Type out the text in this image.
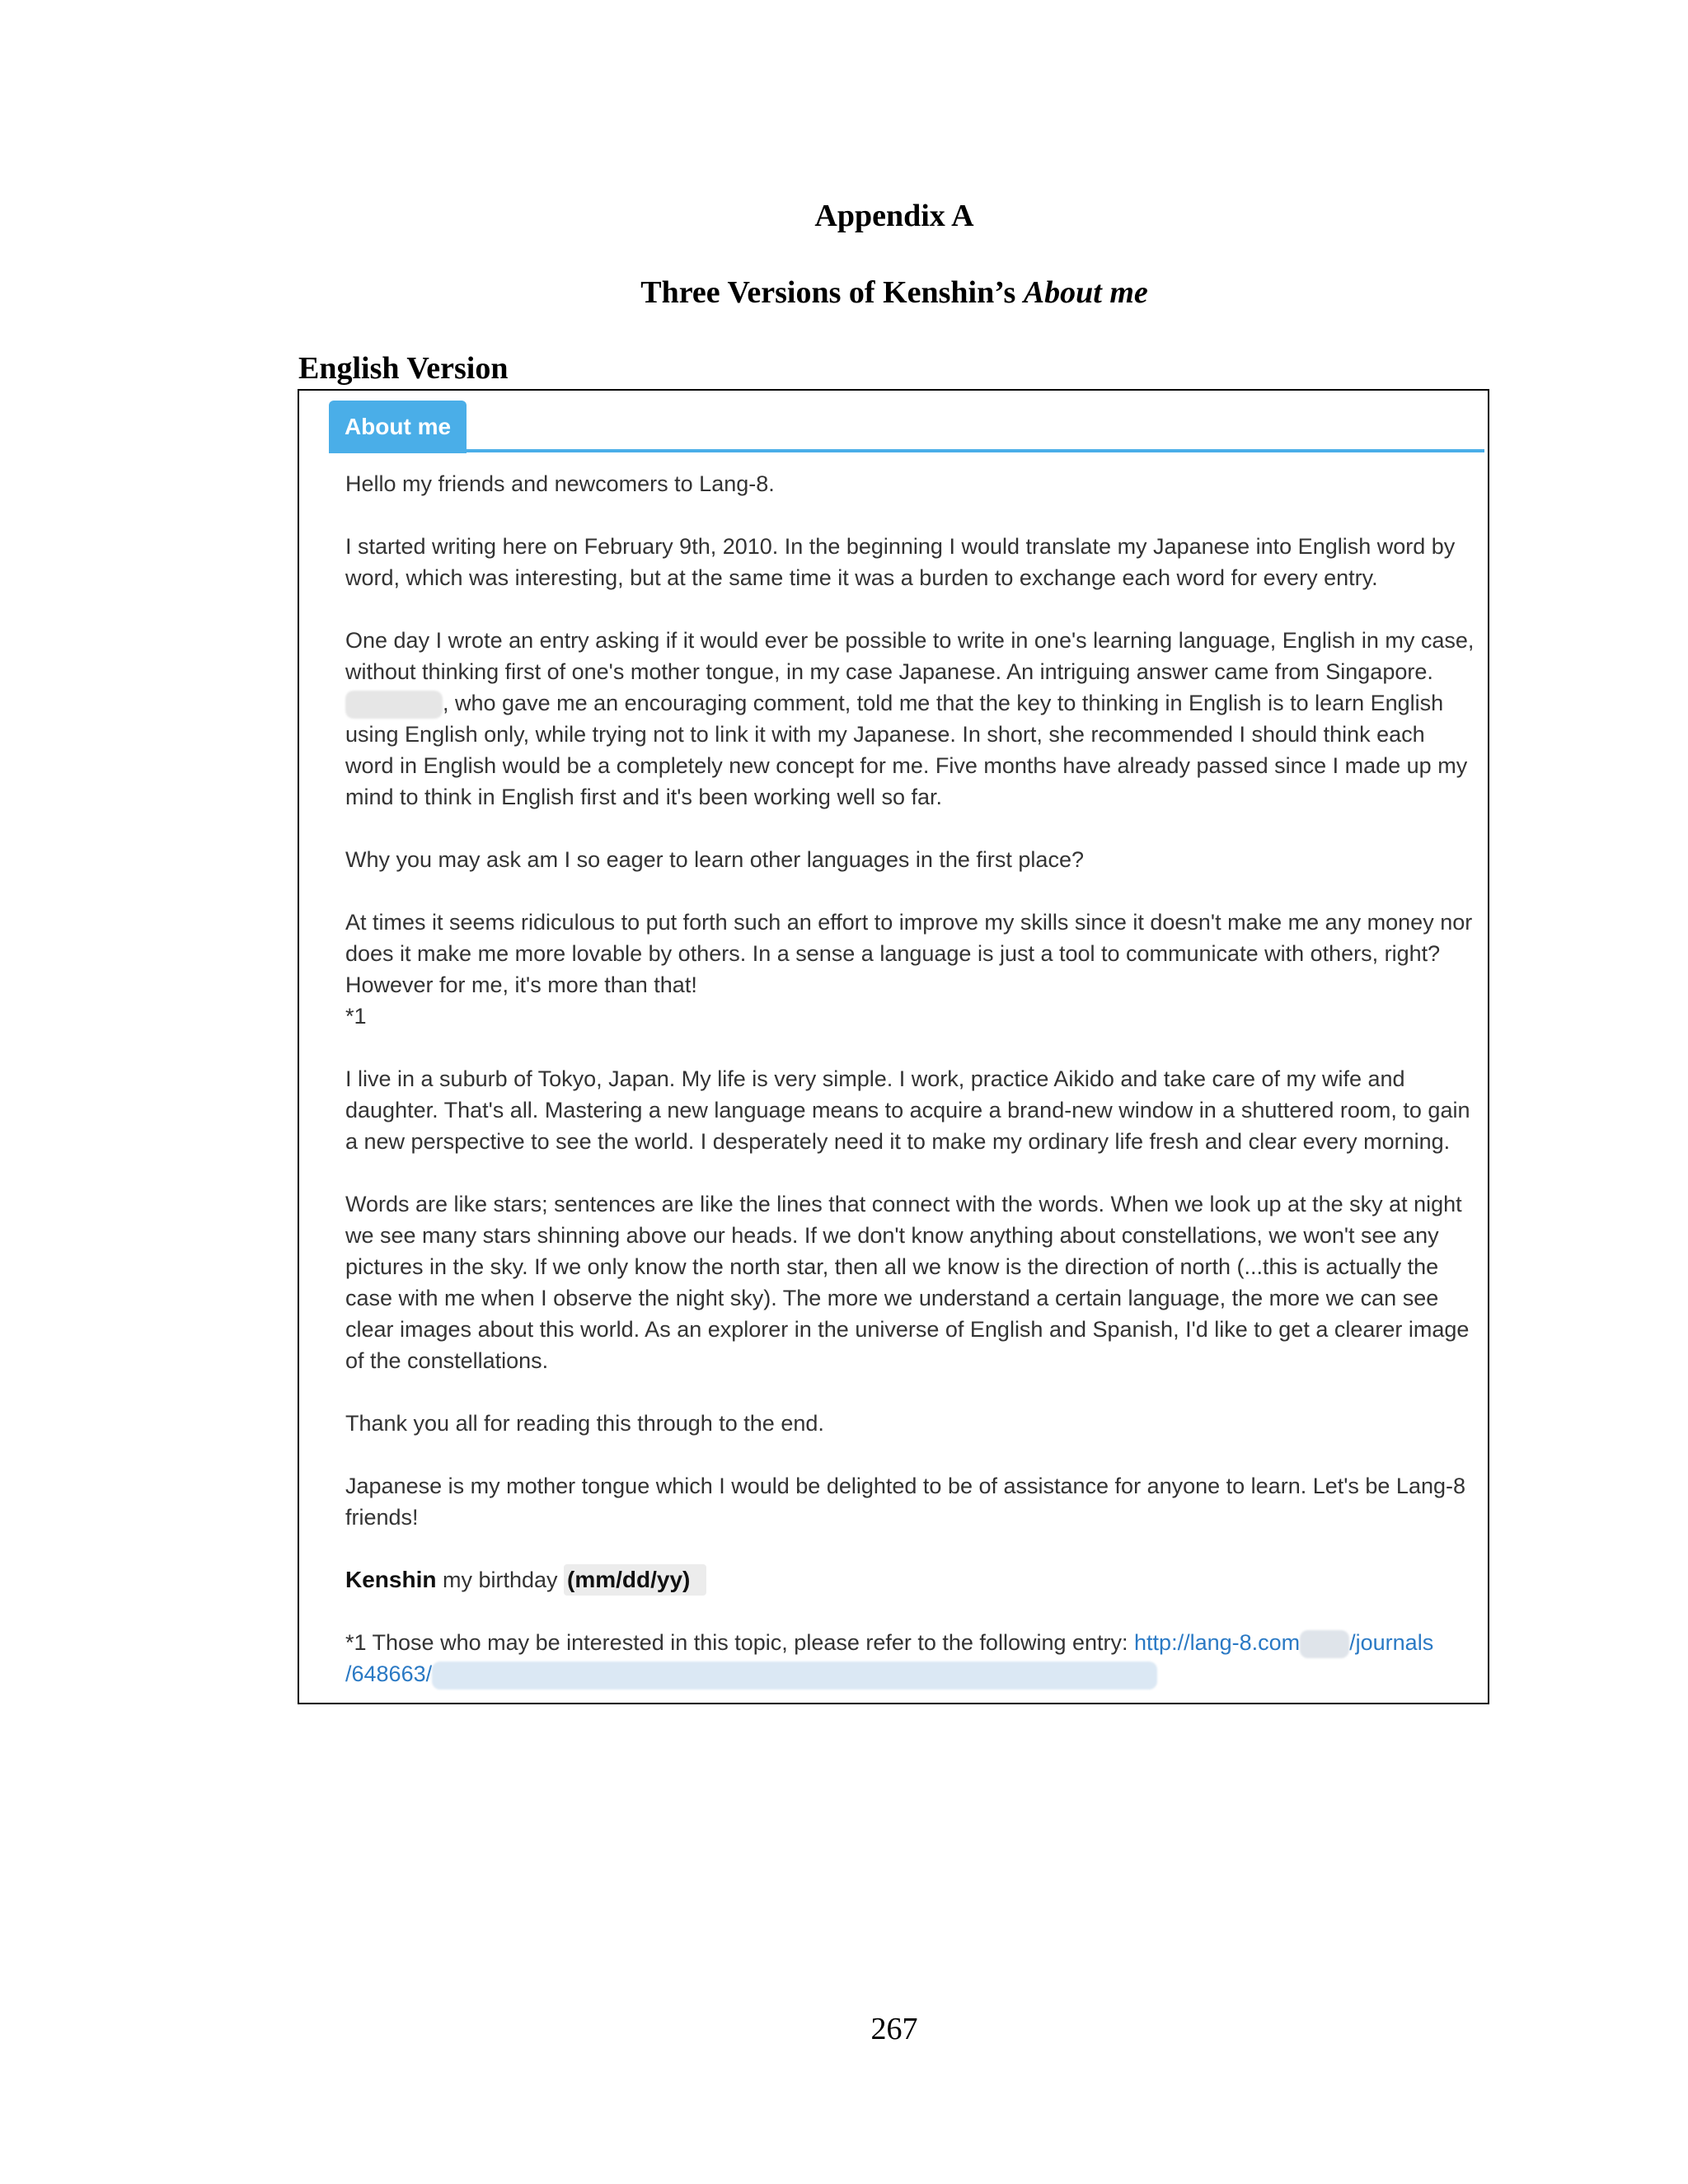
Appendix A
Three Versions of Kenshin’s About me
English Version
About me

Hello my friends and newcomers to Lang-8.

I started writing here on February 9th, 2010. In the beginning I would translate my Japanese into English word by word, which was interesting, but at the same time it was a burden to exchange each word for every entry.

One day I wrote an entry asking if it would ever be possible to write in one's learning language, English in my case, without thinking first of one's mother tongue, in my case Japanese. An intriguing answer came from Singapore. , who gave me an encouraging comment, told me that the key to thinking in English is to learn English using English only, while trying not to link it with my Japanese. In short, she recommended I should think each word in English would be a completely new concept for me. Five months have already passed since I made up my mind to think in English first and it's been working well so far.

Why you may ask am I so eager to learn other languages in the first place?

At times it seems ridiculous to put forth such an effort to improve my skills since it doesn't make me any money nor does it make me more lovable by others. In a sense a language is just a tool to communicate with others, right? However for me, it's more than that!
*1

I live in a suburb of Tokyo, Japan. My life is very simple. I work, practice Aikido and take care of my wife and daughter. That's all. Mastering a new language means to acquire a brand-new window in a shuttered room, to gain a new perspective to see the world. I desperately need it to make my ordinary life fresh and clear every morning.

Words are like stars; sentences are like the lines that connect with the words. When we look up at the sky at night we see many stars shinning above our heads. If we don't know anything about constellations, we won't see any pictures in the sky. If we only know the north star, then all we know is the direction of north (...this is actually the case with me when I observe the night sky). The more we understand a certain language, the more we can see clear images about this world. As an explorer in the universe of English and Spanish, I'd like to get a clearer image of the constellations.

Thank you all for reading this through to the end.

Japanese is my mother tongue which I would be delighted to be of assistance for anyone to learn. Let's be Lang-8 friends!

Kenshin my birthday (mm/dd/yy)

*1 Those who may be interested in this topic, please refer to the following entry: http://lang-8.com /journals
/648663/

267
